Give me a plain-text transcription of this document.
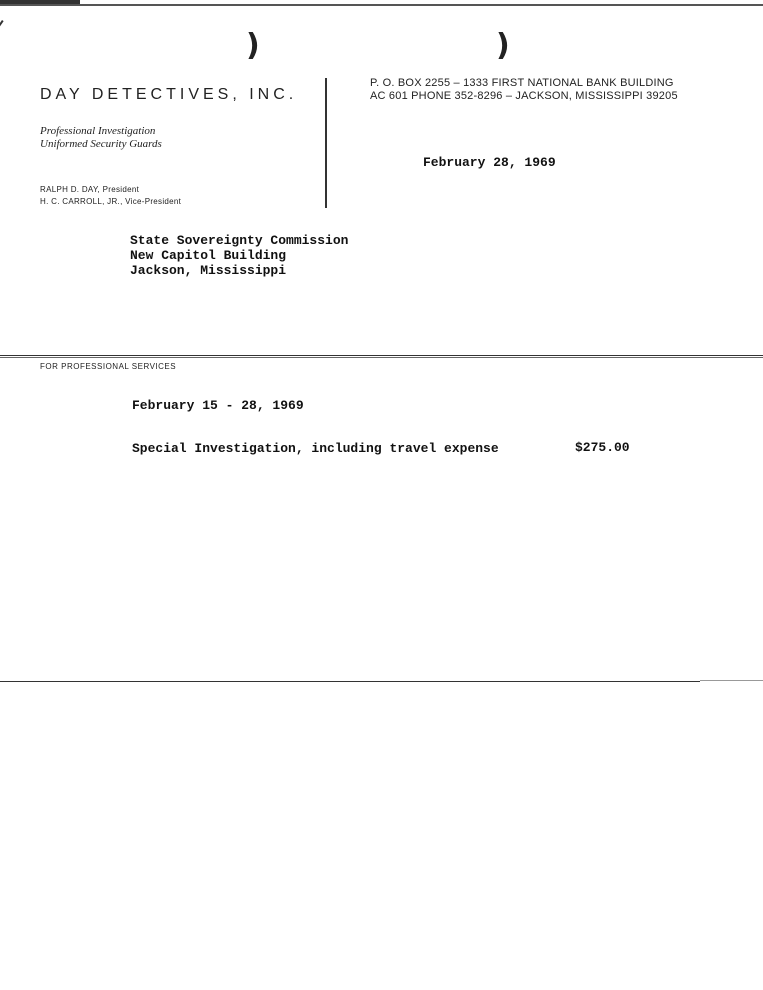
)	)
DAY DETECTIVES, INC.
Professional Investigation
Uniformed Security Guards
RALPH D. DAY, President
H. C. CARROLL, JR., Vice-President
P. O. BOX 2255 – 1333 FIRST NATIONAL BANK BUILDING
AC 601 PHONE 352-8296 – JACKSON, MISSISSIPPI 39205
February 28, 1969
State Sovereignty Commission
New Capitol Building
Jackson, Mississippi
FOR PROFESSIONAL SERVICES
February 15 - 28, 1969
Special Investigation, including travel expense	$275.00
